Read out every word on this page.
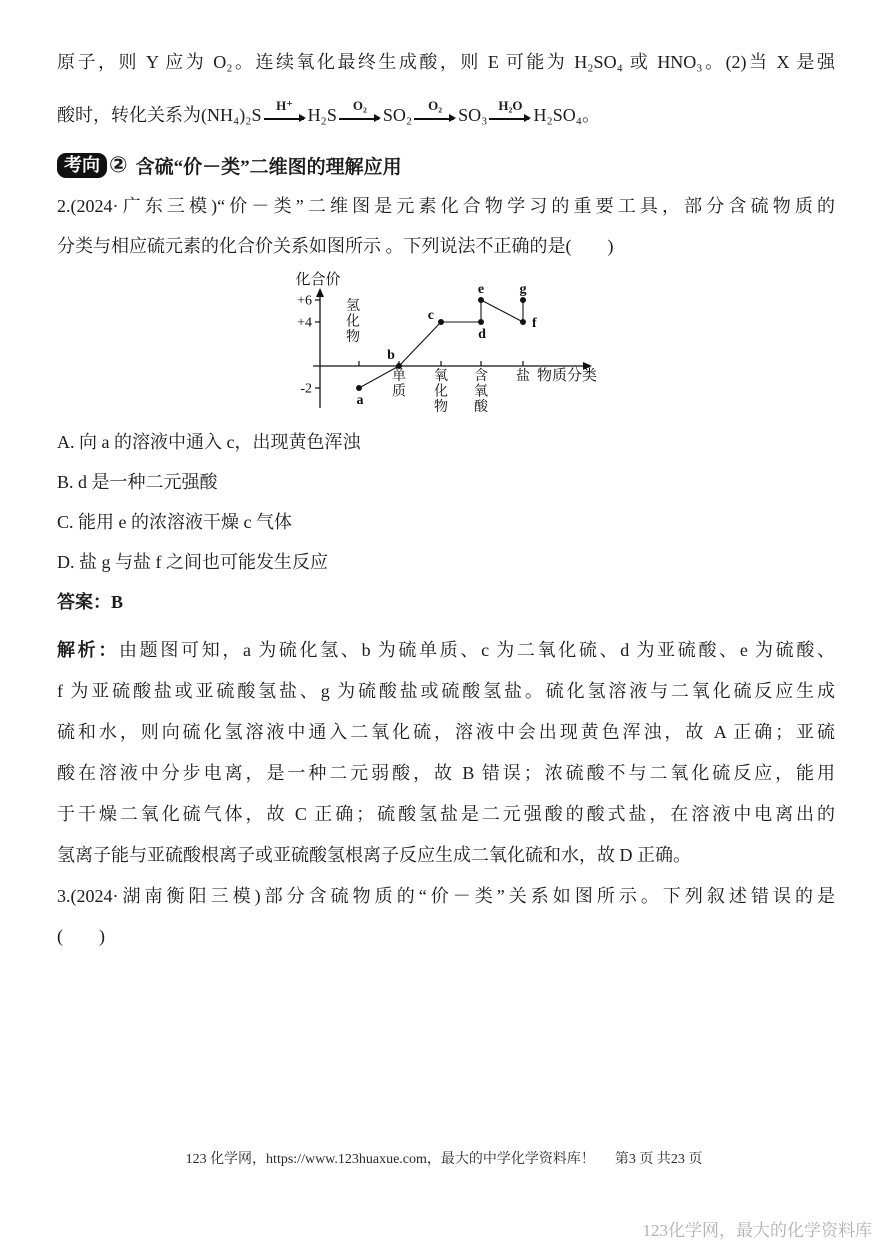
原子，则 Y 应为 O₂。连续氧化最终生成酸，则 E 可能为 H₂SO₄ 或 HNO₃。(2)当 X 是强
酸时，转化关系为(NH₄)₂S	H⁺ H₂S	O₂ SO₂	O₂ SO₃ H₂O H₂SO₄。
考向 ② 含硫“价－类”二维图的理解应用
2.(2024·广东三模)“价－类”二维图是元素化合物学习的重要工具，部分含硫物质的
分类与相应硫元素的化合价关系如图所示 。下列说法不正确的是(　　)
化合价
物质分类
+6
+4
-2
氢化物
单质
氧化物
含氧酸
盐
a
b
c
d
e
f
g
A. 向 a 的溶液中通入 c，出现黄色浑浊
B. d 是一种二元强酸
C. 能用 e 的浓溶液干燥 c 气体
D. 盐 g 与盐 f 之间也可能发生反应
答案：B
解析：由题图可知，a 为硫化氢、b 为硫单质、c 为二氧化硫、d 为亚硫酸、e 为硫酸、
f 为亚硫酸盐或亚硫酸氢盐、g 为硫酸盐或硫酸氢盐。硫化氢溶液与二氧化硫反应生成
硫和水，则向硫化氢溶液中通入二氧化硫，溶液中会出现黄色浑浊，故 A 正确；亚硫
酸在溶液中分步电离，是一种二元弱酸，故 B 错误；浓硫酸不与二氧化硫反应，能用
于干燥二氧化硫气体，故 C 正确；硫酸氢盐是二元强酸的酸式盐，在溶液中电离出的
氢离子能与亚硫酸根离子或亚硫酸氢根离子反应生成二氧化硫和水，故 D 正确。
3.(2024·湖南衡阳三模)部分含硫物质的“价－类”关系如图所示。下列叙述错误的是
(　　)
123 化学网，https://www.123huaxue.com，最大的中学化学资料库！ 第3 页 共23 页
123化学网，最大的化学资料库
